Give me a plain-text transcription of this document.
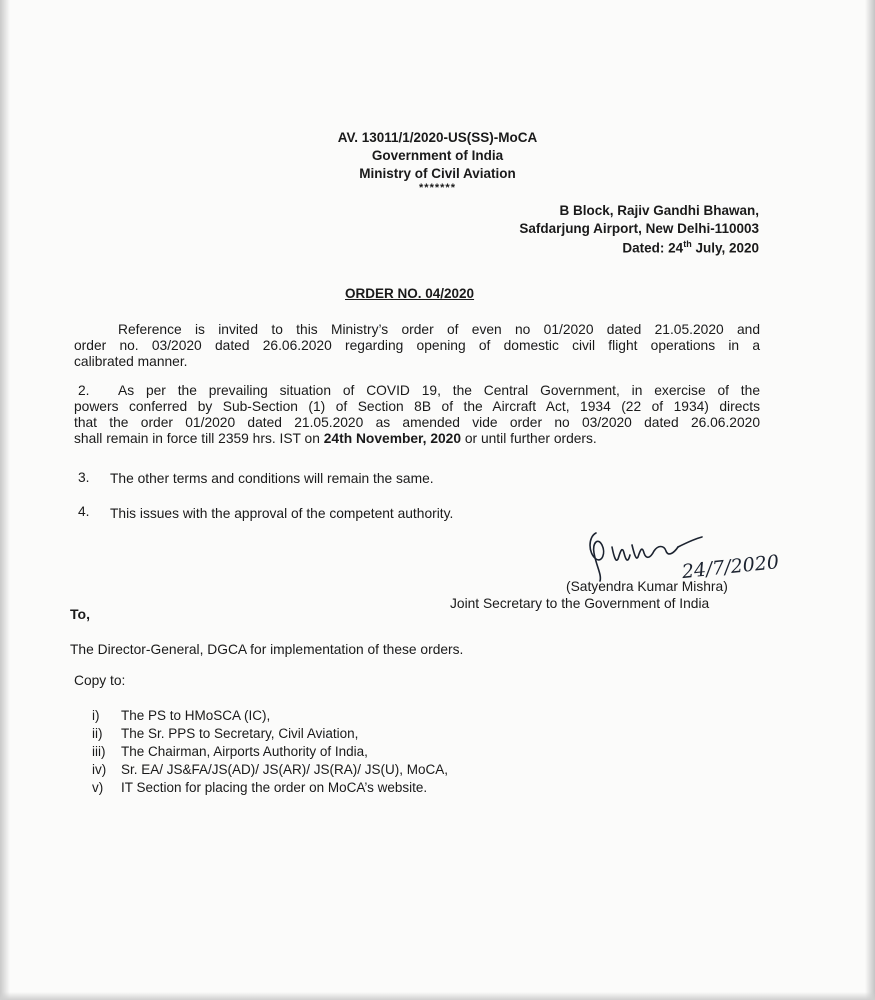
AV. 13011/1/2020-US(SS)-MoCA
Government of India
Ministry of Civil Aviation
*******
B Block, Rajiv Gandhi Bhawan,
Safdarjung Airport, New Delhi-110003
Dated: 24th July, 2020
ORDER NO. 04/2020
Reference is invited to this Ministry’s order of even no 01/2020 dated 21.05.2020 and
order no. 03/2020 dated 26.06.2020 regarding opening of domestic civil flight operations in a
calibrated manner.
2.	As per the prevailing situation of COVID 19, the Central Government, in exercise of the
powers conferred by Sub-Section (1) of Section 8B of the Aircraft Act, 1934 (22 of 1934) directs
that the order 01/2020 dated 21.05.2020 as amended vide order no 03/2020 dated 26.06.2020
shall remain in force till 2359 hrs. IST on 24th November, 2020 or until further orders.
3. The other terms and conditions will remain the same.
4. This issues with the approval of the competent authority.
24/7/2020
(Satyendra Kumar Mishra)
Joint Secretary to the Government of India
To,
The Director-General, DGCA for implementation of these orders.
Copy to:
i) The PS to HMoSCA (IC),
ii) The Sr. PPS to Secretary, Civil Aviation,
iii) The Chairman, Airports Authority of India,
iv) Sr. EA/ JS&FA/JS(AD)/ JS(AR)/ JS(RA)/ JS(U), MoCA,
v) IT Section for placing the order on MoCA’s website.
